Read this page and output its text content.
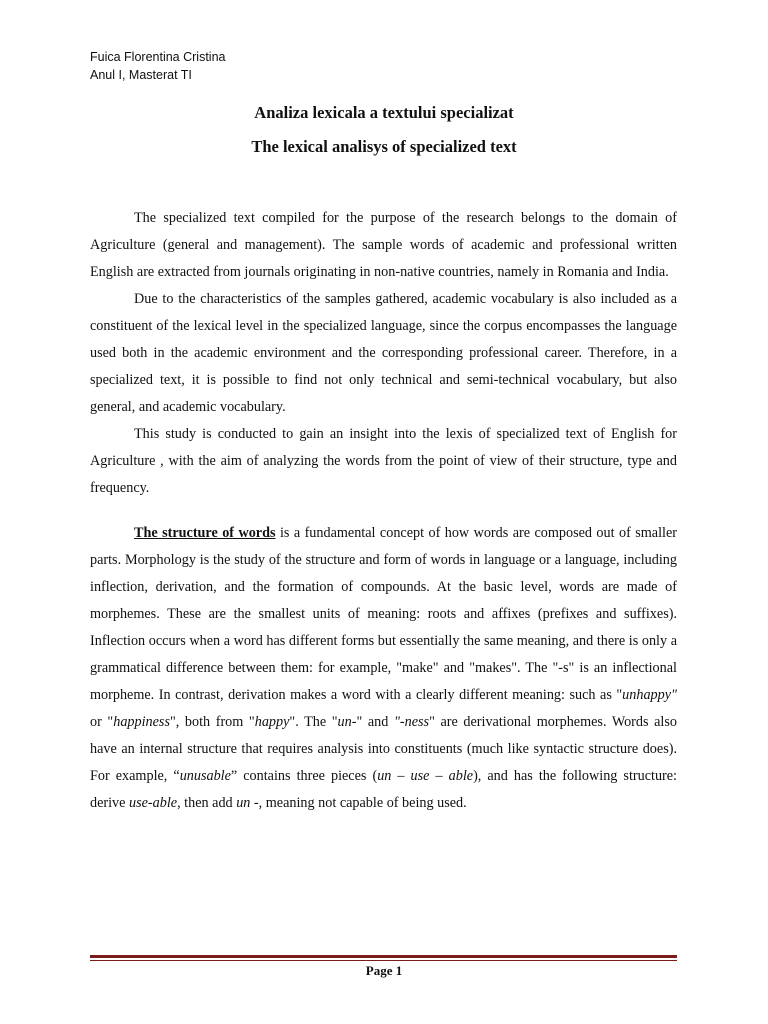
Fuica Florentina Cristina
Anul I, Masterat TI
Analiza lexicala a textului specializat
The lexical analisys of specialized text

The specialized text compiled for the purpose of the research belongs to the domain of Agriculture (general and management). The sample words of academic and professional written English are extracted from journals originating in non-native countries, namely in Romania and India.

Due to the characteristics of the samples gathered, academic vocabulary is also included as a constituent of the lexical level in the specialized language, since the corpus encompasses the language used both in the academic environment and the corresponding professional career. Therefore, in a specialized text, it is possible to find not only technical and semi-technical vocabulary, but also general, and academic vocabulary.

This study is conducted to gain an insight into the lexis of specialized text of English for Agriculture , with the aim of analyzing the words from the point of view of their structure, type and frequency.

The structure of words is a fundamental concept of how words are composed out of smaller parts. Morphology is the study of the structure and form of words in language or a language, including inflection, derivation, and the formation of compounds. At the basic level, words are made of morphemes. These are the smallest units of meaning: roots and affixes (prefixes and suffixes). Inflection occurs when a word has different forms but essentially the same meaning, and there is only a grammatical difference between them: for example, "make" and "makes". The "-s" is an inflectional morpheme. In contrast, derivation makes a word with a clearly different meaning: such as "unhappy" or "happiness", both from "happy". The "un-" and "-ness" are derivational morphemes. Words also have an internal structure that requires analysis into constituents (much like syntactic structure does). For example, “unusable” contains three pieces (un – use – able), and has the following structure: derive use-able, then add un -, meaning not capable of being used.

Page 1
